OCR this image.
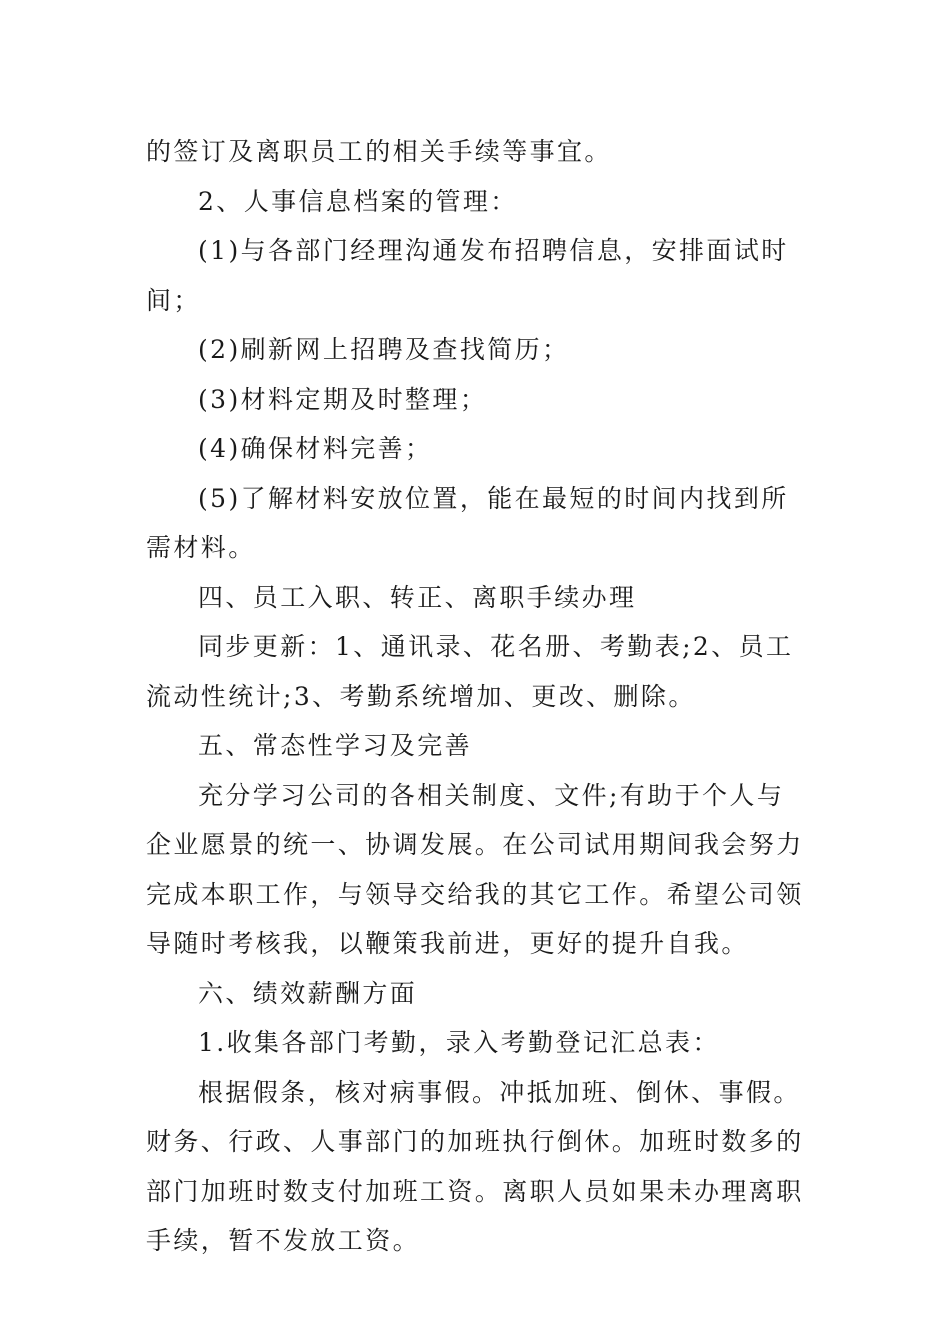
的签订及离职员工的相关手续等事宜。

2、人事信息档案的管理：

(1)与各部门经理沟通发布招聘信息，安排面试时间；

(2)刷新网上招聘及查找简历；

(3)材料定期及时整理；

(4)确保材料完善；

(5)了解材料安放位置，能在最短的时间内找到所需材料。

四、员工入职、转正、离职手续办理

同步更新：1、通讯录、花名册、考勤表;2、员工流动性统计;3、考勤系统增加、更改、删除。

五、常态性学习及完善

充分学习公司的各相关制度、文件;有助于个人与企业愿景的统一、协调发展。在公司试用期间我会努力完成本职工作，与领导交给我的其它工作。希望公司领导随时考核我，以鞭策我前进，更好的提升自我。

六、绩效薪酬方面

1.收集各部门考勤，录入考勤登记汇总表：

根据假条，核对病事假。冲抵加班、倒休、事假。财务、行政、人事部门的加班执行倒休。加班时数多的部门加班时数支付加班工资。离职人员如果未办理离职手续，暂不发放工资。
